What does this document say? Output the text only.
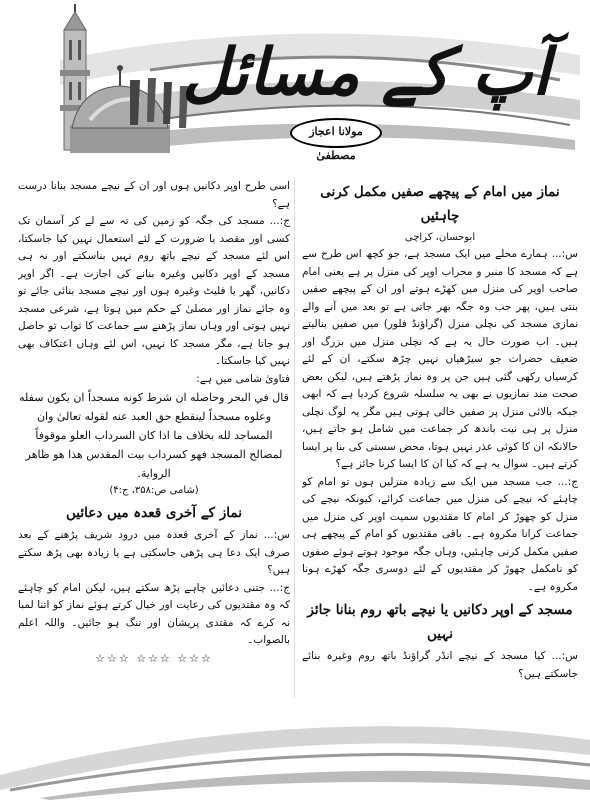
آپ کے مسائل
مولانا اعجاز مصطفیٰ
نماز میں امام کے پیچھے صفیں مکمل کرنی چاہئیں
ابوحسان، کراچی

س:... ہمارے محلے میں ایک مسجد ہے، جو کچھ اس طرح سے ہے کہ مسجد کا منبر و محراب اوپر کی منزل پر ہے یعنی امام صاحب اوپر کی منزل میں کھڑے ہوتے اور ان کے پیچھے صفیں بنتی ہیں، پھر جب وہ جگہ بھر جاتی ہے تو بعد میں آنے والے نمازی مسجد کی نچلی منزل (گراؤنڈ فلور) میں صفیں بنالیتے ہیں۔ اب صورت حال یہ ہے کہ نچلی منزل میں بزرگ اور ضعیف حضرات جو سیڑھیاں نہیں چڑھ سکتے، ان کے لئے کرسیاں رکھی گئی ہیں جن پر وہ نماز پڑھتے ہیں، لیکن بعض صحت مند نمازیوں نے بھی یہ سلسلہ شروع کردیا ہے کہ ابھی جبکہ بالائی منزل پر صفیں خالی ہوتی ہیں مگر یہ لوگ نچلی منزل پر ہی نیت باندھ کر جماعت میں شامل ہو جاتے ہیں، حالانکہ ان کا کوئی عذر نہیں ہوتا، محض سستی کی بنا پر ایسا کرتے ہیں۔ سوال یہ ہے کہ کیا ان کا ایسا کرنا جائز ہے؟

ج:... جب مسجد میں ایک سے زیادہ منزلیں ہوں تو امام کو چاہئے کہ نیچے کی منزل میں جماعت کرائے، کیونکہ نیچے کی منزل کو چھوڑ کر امام کا مقتدیوں سمیت اوپر کی منزل میں جماعت کرانا مکروہ ہے۔ باقی مقتدیوں کو امام کے پیچھے ہی صفیں مکمل کرنی چاہئیں، وہاں جگہ موجود ہوتے ہوئے صفوں کو نامکمل چھوڑ کر مقتدیوں کے لئے دوسری جگہ کھڑے ہونا مکروہ ہے۔

مسجد کے اوپر دکانیں یا نیچے باتھ روم بنانا جائز نہیں

س:... کیا مسجد کے نیچے انڈر گراؤنڈ باتھ روم وغیرہ بنائے جاسکتے ہیں؟

اسی طرح اوپر دکانیں ہوں اور ان کے نیچے مسجد بنانا درست ہے؟

ج:... مسجد کی جگہ کو زمین کی تہ سے لے کر آسمان تک کسی اور مقصد یا ضرورت کے لئے استعمال نہیں کیا جاسکتا، اس لئے مسجد کے نیچے باتھ روم نہیں بناسکتے اور نہ ہی مسجد کے اوپر دکانیں وغیرہ بنانے کی اجازت ہے۔ اگر اوپر دکانیں، گھر یا فلیٹ وغیرہ ہوں اور نیچے مسجد بنائی جائے تو وہ جائے نماز اور مصلیٰ کے حکم میں ہوتا ہے، شرعی مسجد نہیں ہوتی اور وہاں نماز پڑھنے سے جماعت کا ثواب تو حاصل ہو جاتا ہے، مگر مسجد کا نہیں، اس لئے وہاں اعتکاف بھی نہیں کیا جاسکتا۔

فتاویٰ شامی میں ہے:

قال في البحر وحاصله ان شرط كونه مسجداً ان يكون سفله وعلوه مسجداً لينقطع حق العبد عنه لقوله تعالىٰ وان المساجد لله بخلاف ما اذا كان السرداب العلو موقوفاً لمصالح المسجد فهو كسرداب بيت المقدس هذا هو ظاهر الرواية.
(شامی ص:۳۵۸، ج:۴)
نماز کے آخری قعدہ میں دعائیں

س:... نماز کے آخری قعدہ میں درود شریف پڑھنے کے بعد صرف ایک دعا ہی پڑھی جاسکتی ہے یا زیادہ بھی پڑھ سکتے ہیں؟

ج:... جتنی دعائیں چاہے پڑھ سکتے ہیں، لیکن امام کو چاہئے کہ وہ مقتدیوں کی رعایت اور خیال کرتے ہوئے نماز کو اتنا لمبا نہ کرے کہ مقتدی پریشان اور تنگ ہو جائیں۔ واللہ اعلم بالصواب۔

☆☆☆ ☆☆☆ ☆☆☆
